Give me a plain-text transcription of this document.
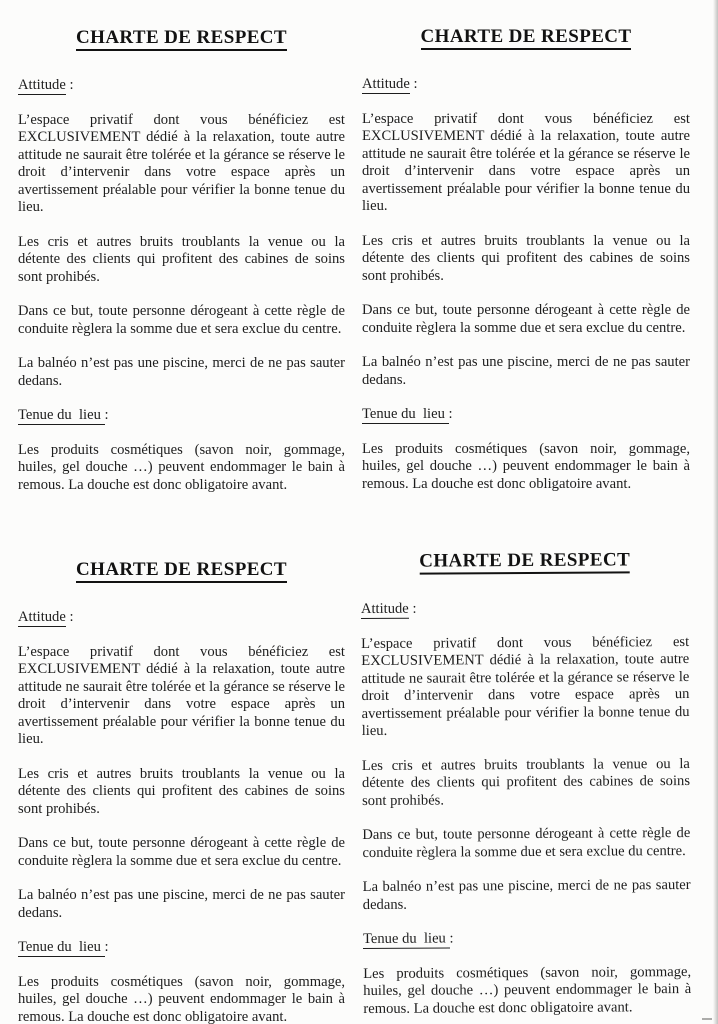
CHARTE DE RESPECT

Attitude :

L’espace privatif dont vous bénéficiez est EXCLUSIVEMENT dédié à la relaxation, toute autre attitude ne saurait être tolérée et la gérance se réserve le droit d’intervenir dans votre espace après un avertissement préalable pour vérifier la bonne tenue du lieu.

Les cris et autres bruits troublants la venue ou la détente des clients qui profitent des cabines de soins sont prohibés.

Dans ce but, toute personne dérogeant à cette règle de conduite règlera la somme due et sera exclue du centre.

La balnéo n’est pas une piscine, merci de ne pas sauter dedans.

Tenue du  lieu :

Les produits cosmétiques (savon noir, gommage, huiles, gel douche …) peuvent endommager le bain à remous. La douche est donc obligatoire avant.

CHARTE DE RESPECT

Attitude :

L’espace privatif dont vous bénéficiez est EXCLUSIVEMENT dédié à la relaxation, toute autre attitude ne saurait être tolérée et la gérance se réserve le droit d’intervenir dans votre espace après un avertissement préalable pour vérifier la bonne tenue du lieu.

Les cris et autres bruits troublants la venue ou la détente des clients qui profitent des cabines de soins sont prohibés.

Dans ce but, toute personne dérogeant à cette règle de conduite règlera la somme due et sera exclue du centre.

La balnéo n’est pas une piscine, merci de ne pas sauter dedans.

Tenue du  lieu :

Les produits cosmétiques (savon noir, gommage, huiles, gel douche …) peuvent endommager le bain à remous. La douche est donc obligatoire avant.

CHARTE DE RESPECT

Attitude :

L’espace privatif dont vous bénéficiez est EXCLUSIVEMENT dédié à la relaxation, toute autre attitude ne saurait être tolérée et la gérance se réserve le droit d’intervenir dans votre espace après un avertissement préalable pour vérifier la bonne tenue du lieu.

Les cris et autres bruits troublants la venue ou la détente des clients qui profitent des cabines de soins sont prohibés.

Dans ce but, toute personne dérogeant à cette règle de conduite règlera la somme due et sera exclue du centre.

La balnéo n’est pas une piscine, merci de ne pas sauter dedans.

Tenue du  lieu :

Les produits cosmétiques (savon noir, gommage, huiles, gel douche …) peuvent endommager le bain à remous. La douche est donc obligatoire avant.

CHARTE DE RESPECT

Attitude :

L’espace privatif dont vous bénéficiez est EXCLUSIVEMENT dédié à la relaxation, toute autre attitude ne saurait être tolérée et la gérance se réserve le droit d’intervenir dans votre espace après un avertissement préalable pour vérifier la bonne tenue du lieu.

Les cris et autres bruits troublants la venue ou la détente des clients qui profitent des cabines de soins sont prohibés.

Dans ce but, toute personne dérogeant à cette règle de conduite règlera la somme due et sera exclue du centre.

La balnéo n’est pas une piscine, merci de ne pas sauter dedans.

Tenue du  lieu :

Les produits cosmétiques (savon noir, gommage, huiles, gel douche …) peuvent endommager le bain à remous. La douche est donc obligatoire avant.
